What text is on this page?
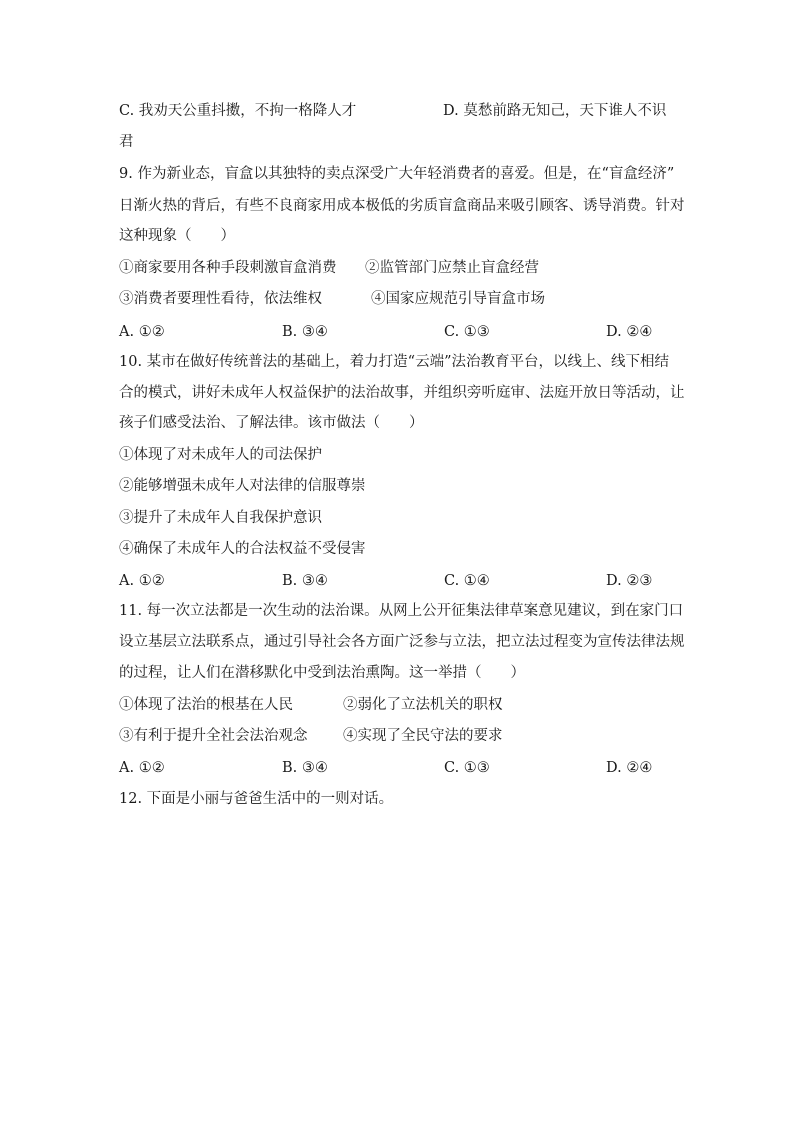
C. 我劝天公重抖擞，不拘一格降人才	D. 莫愁前路无知己，天下谁人不识
君
9. 作为新业态，盲盒以其独特的卖点深受广大年轻消费者的喜爱。但是，在“盲盒经济”
日渐火热的背后，有些不良商家用成本极低的劣质盲盒商品来吸引顾客、诱导消费。针对
这种现象（　　）
①商家要用各种手段刺激盲盒消费 ②监管部门应禁止盲盒经营
③消费者要理性看待，依法维权	④国家应规范引导盲盒市场
A. ①②	B. ③④	C. ①③	D. ②④
10. 某市在做好传统普法的基础上，着力打造“云端”法治教育平台，以线上、线下相结
合的模式，讲好未成年人权益保护的法治故事，并组织旁听庭审、法庭开放日等活动，让
孩子们感受法治、了解法律。该市做法（　　）
①体现了对未成年人的司法保护
②能够增强未成年人对法律的信服尊崇
③提升了未成年人自我保护意识
④确保了未成年人的合法权益不受侵害
A. ①②	B. ③④	C. ①④	D. ②③
11. 每一次立法都是一次生动的法治课。从网上公开征集法律草案意见建议，到在家门口
设立基层立法联系点，通过引导社会各方面广泛参与立法，把立法过程变为宣传法律法规
的过程，让人们在潜移默化中受到法治熏陶。这一举措（　　）
①体现了法治的根基在人民	②弱化了立法机关的职权
③有利于提升全社会法治观念 ④实现了全民守法的要求
A. ①②	B. ③④	C. ①③	D. ②④
12. 下面是小丽与爸爸生活中的一则对话。
